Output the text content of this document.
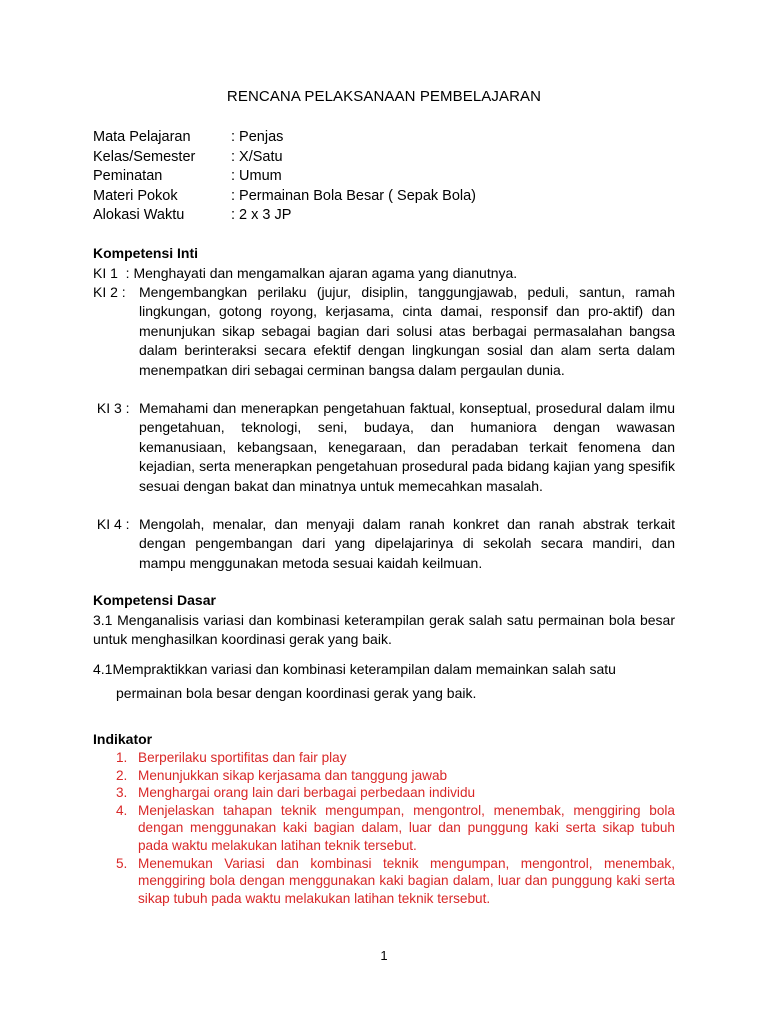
RENCANA PELAKSANAAN PEMBELAJARAN
Mata Pelajaran	: Penjas
Kelas/Semester	: X/Satu
Peminatan	: Umum
Materi Pokok	: Permainan Bola Besar ( Sepak Bola)
Alokasi Waktu	: 2 x 3 JP
Kompetensi Inti
KI 1  : Menghayati dan mengamalkan ajaran agama yang dianutnya.
KI 2 : Mengembangkan perilaku (jujur, disiplin, tanggungjawab, peduli, santun, ramah lingkungan, gotong royong, kerjasama, cinta damai, responsif dan pro-aktif) dan menunjukan sikap sebagai bagian dari solusi atas berbagai permasalahan bangsa dalam berinteraksi secara efektif dengan lingkungan sosial dan alam serta dalam menempatkan diri sebagai cerminan bangsa dalam pergaulan dunia.
KI 3 : Memahami dan menerapkan pengetahuan faktual, konseptual, prosedural dalam ilmu pengetahuan, teknologi, seni, budaya, dan humaniora dengan wawasan kemanusiaan, kebangsaan, kenegaraan, dan peradaban terkait fenomena dan kejadian, serta menerapkan pengetahuan prosedural pada bidang kajian yang spesifik sesuai dengan bakat dan minatnya untuk memecahkan masalah.
KI 4 : Mengolah, menalar, dan menyaji dalam ranah konkret dan ranah abstrak terkait dengan pengembangan dari yang dipelajarinya di sekolah secara mandiri, dan mampu menggunakan metoda sesuai kaidah keilmuan.
Kompetensi Dasar
3.1 Menganalisis variasi dan kombinasi keterampilan gerak salah satu permainan bola besar untuk menghasilkan koordinasi gerak yang baik.
4.1Mempraktikkan variasi dan kombinasi keterampilan dalam memainkan salah satu
permainan bola besar dengan koordinasi gerak yang baik.
Indikator
1. Berperilaku sportifitas dan fair play
2. Menunjukkan sikap kerjasama dan tanggung jawab
3. Menghargai orang lain dari berbagai perbedaan individu
4. Menjelaskan tahapan teknik mengumpan, mengontrol, menembak, menggiring bola dengan menggunakan kaki bagian dalam, luar dan punggung kaki serta sikap tubuh pada waktu melakukan latihan teknik tersebut.
5. Menemukan Variasi dan kombinasi teknik mengumpan, mengontrol, menembak, menggiring bola dengan menggunakan kaki bagian dalam, luar dan punggung kaki serta sikap tubuh pada waktu melakukan latihan teknik tersebut.
1
